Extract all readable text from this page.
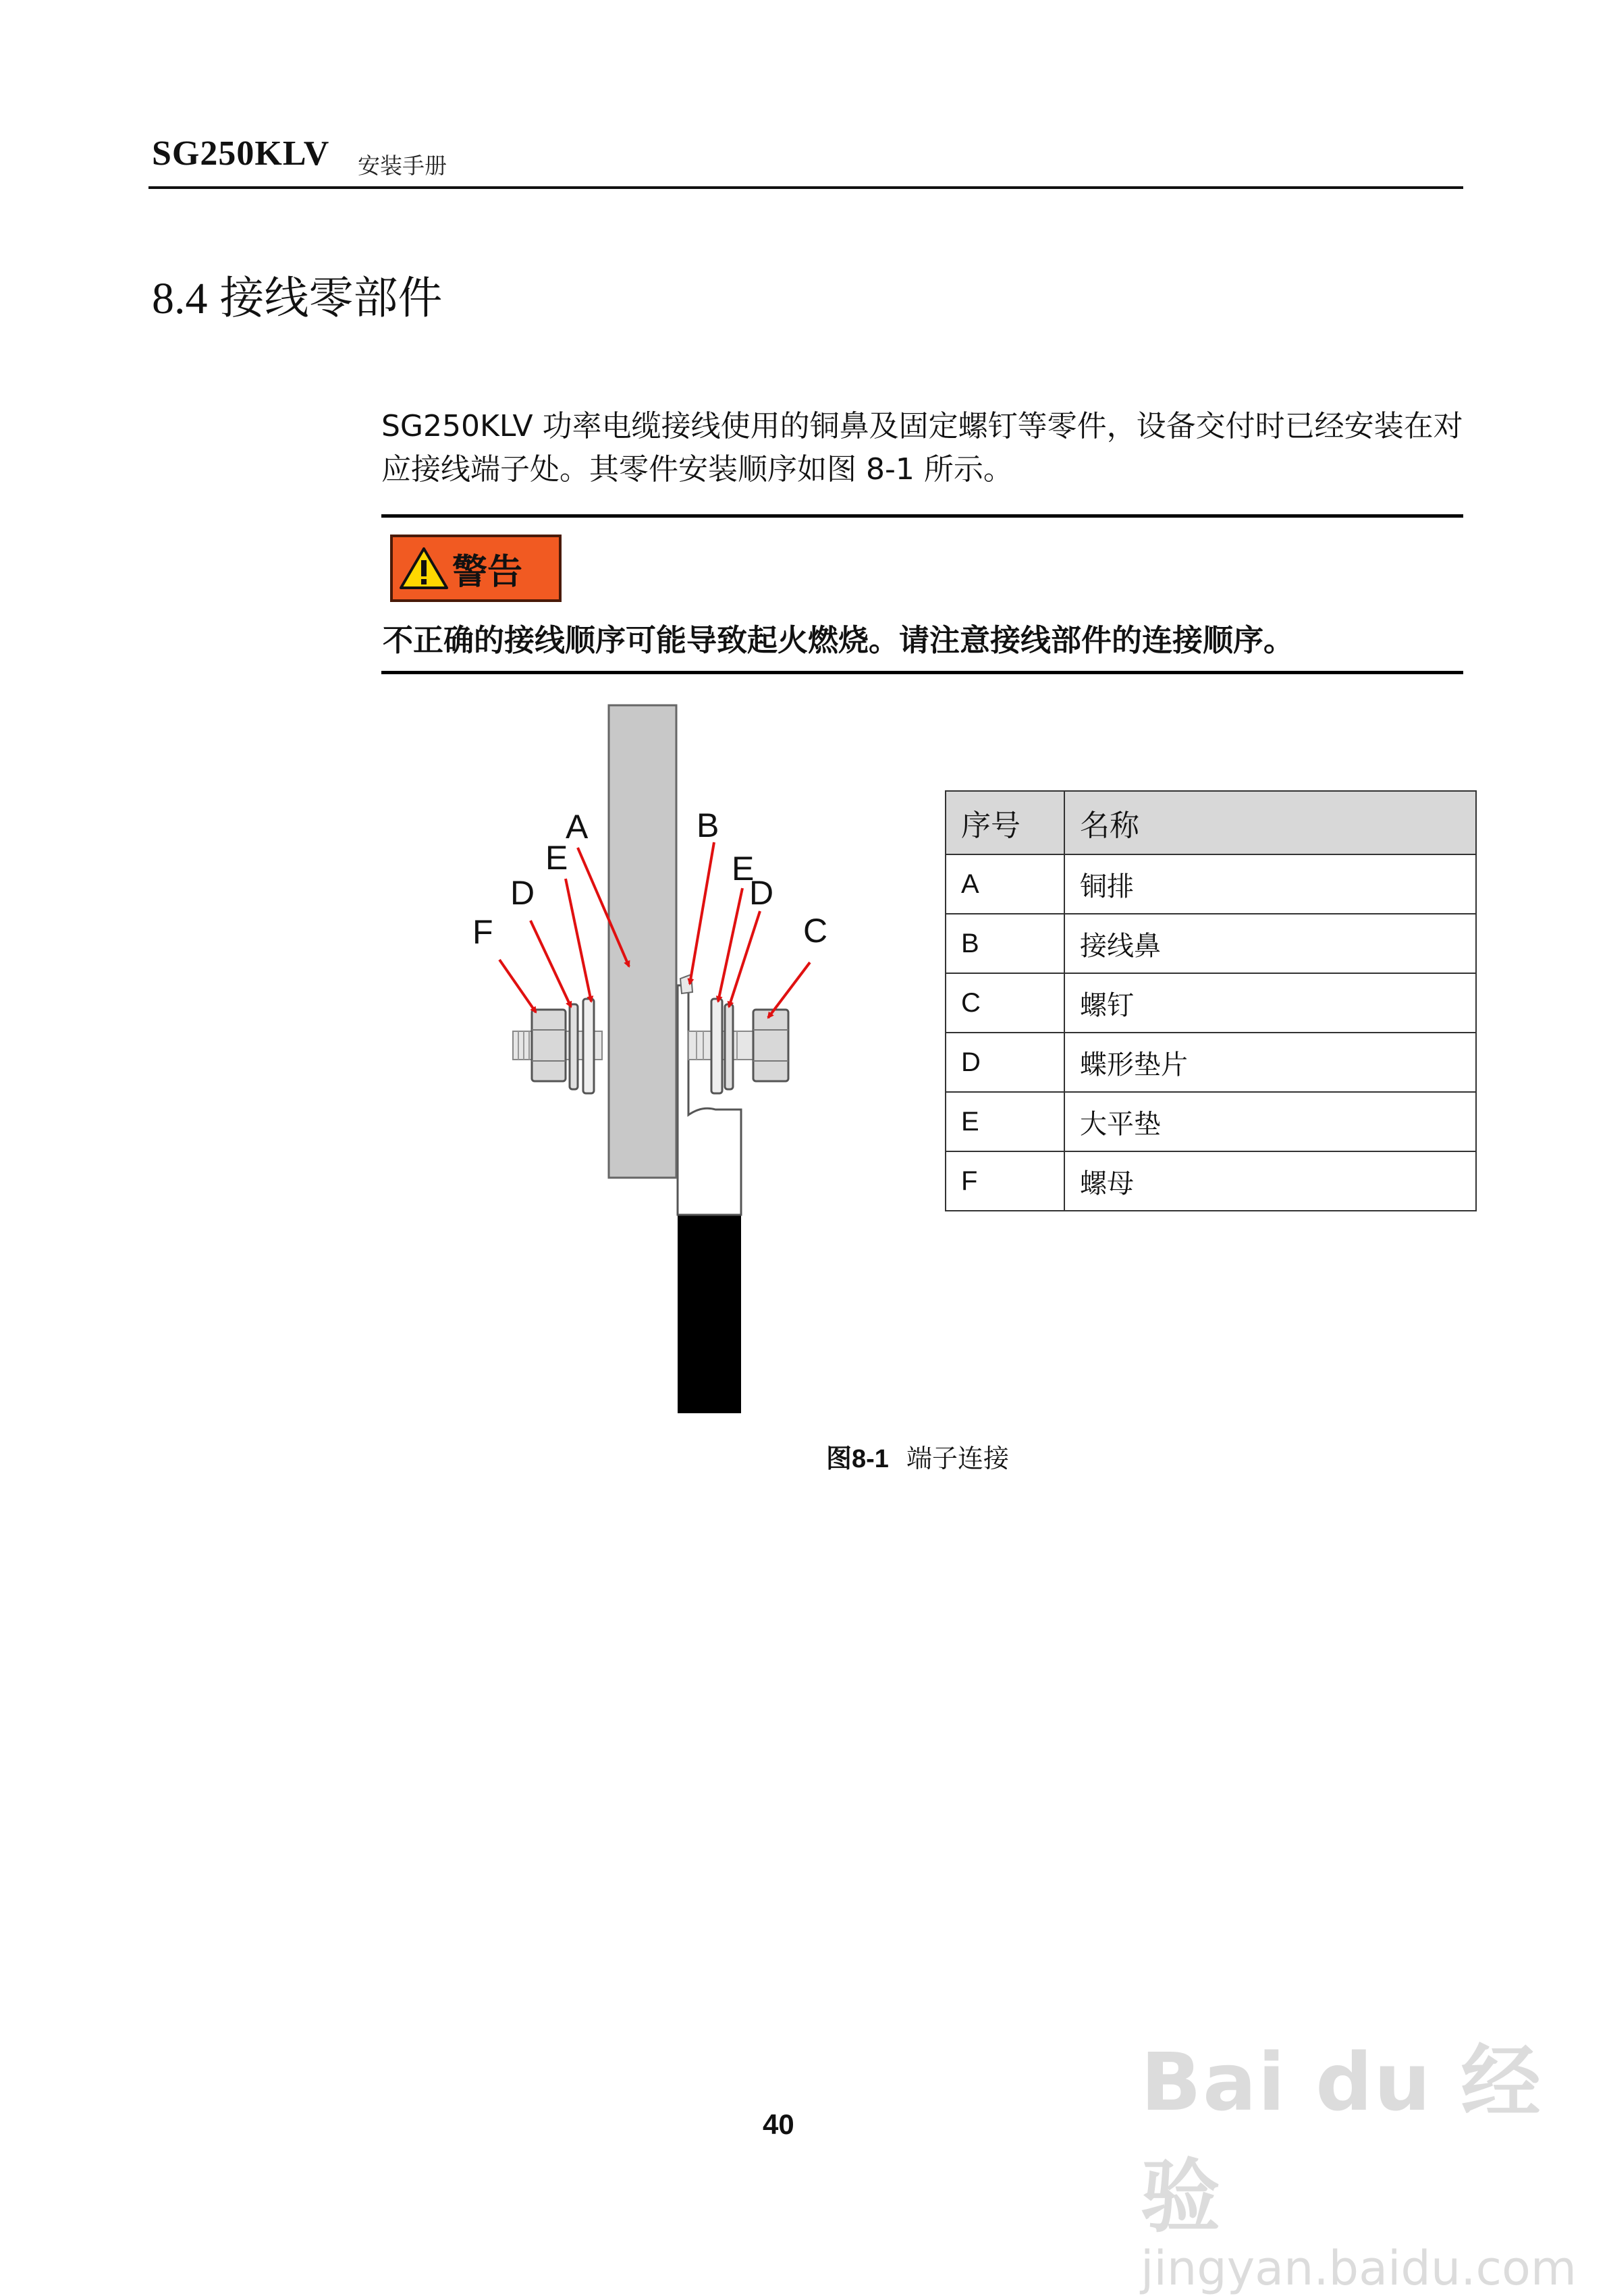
SG250KLV 安装手册
8.4 接线零部件
SG250KLV 功率电缆接线使用的铜鼻及固定螺钉等零件，设备交付时已经安装在对应接线端子处。其零件安装顺序如图 8-1 所示。
警告
不正确的接线顺序可能导致起火燃烧。请注意接线部件的连接顺序。
A	B
E
D
F
E
D
C
序号	名称
A	铜排
B	接线鼻
C	螺钉
D	蝶形垫片
E	大平垫
F	螺母
图8-1 端子连接
40	Bai du 经验
jingyan.baidu.com
